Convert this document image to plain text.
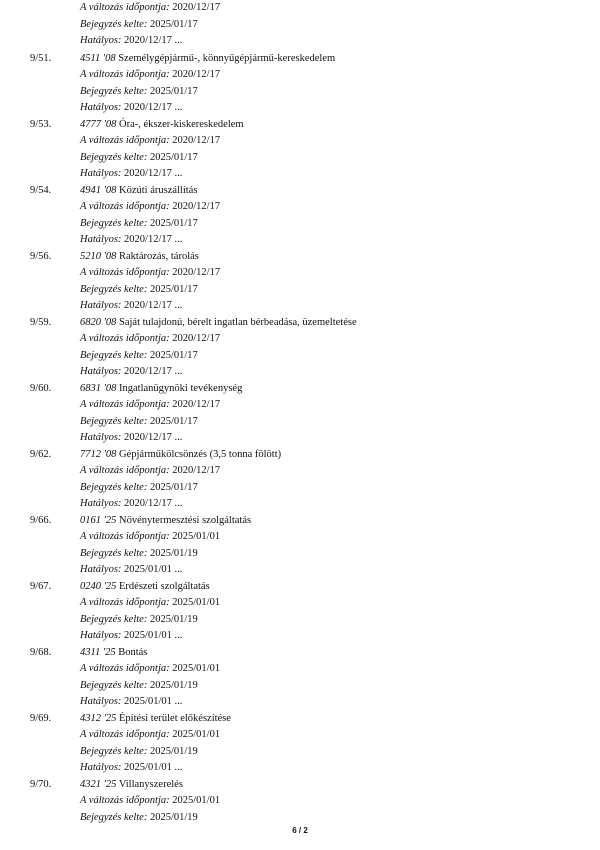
A változás időpontja: 2020/12/17
Bejegyzés kelte: 2025/01/17
Hatályos: 2020/12/17 ...
9/51.	4511 '08 Személygépjármű-, könnyűgépjármű-kereskedelem
A változás időpontja: 2020/12/17
Bejegyzés kelte: 2025/01/17
Hatályos: 2020/12/17 ...
9/53.	4777 '08 Óra-, ékszer-kiskereskedelem
A változás időpontja: 2020/12/17
Bejegyzés kelte: 2025/01/17
Hatályos: 2020/12/17 ...
9/54.	4941 '08 Közúti áruszállítás
A változás időpontja: 2020/12/17
Bejegyzés kelte: 2025/01/17
Hatályos: 2020/12/17 ...
9/56.	5210 '08 Raktározás, tárolás
A változás időpontja: 2020/12/17
Bejegyzés kelte: 2025/01/17
Hatályos: 2020/12/17 ...
9/59.	6820 '08 Saját tulajdonú, bérelt ingatlan bérbeadása, üzemeltetése
A változás időpontja: 2020/12/17
Bejegyzés kelte: 2025/01/17
Hatályos: 2020/12/17 ...
9/60.	6831 '08 Ingatlanügynöki tevékenység
A változás időpontja: 2020/12/17
Bejegyzés kelte: 2025/01/17
Hatályos: 2020/12/17 ...
9/62.	7712 '08 Gépjárműkölcsönzés (3,5 tonna fölött)
A változás időpontja: 2020/12/17
Bejegyzés kelte: 2025/01/17
Hatályos: 2020/12/17 ...
9/66.	0161 '25 Növénytermesztési szolgáltatás
A változás időpontja: 2025/01/01
Bejegyzés kelte: 2025/01/19
Hatályos: 2025/01/01 ...
9/67.	0240 '25 Erdészeti szolgáltatás
A változás időpontja: 2025/01/01
Bejegyzés kelte: 2025/01/19
Hatályos: 2025/01/01 ...
9/68.	4311 '25 Bontás
A változás időpontja: 2025/01/01
Bejegyzés kelte: 2025/01/19
Hatályos: 2025/01/01 ...
9/69.	4312 '25 Építési terület előkészítése
A változás időpontja: 2025/01/01
Bejegyzés kelte: 2025/01/19
Hatályos: 2025/01/01 ...
9/70.	4321 '25 Villanyszerelés
A változás időpontja: 2025/01/01
Bejegyzés kelte: 2025/01/19
6 / 2
